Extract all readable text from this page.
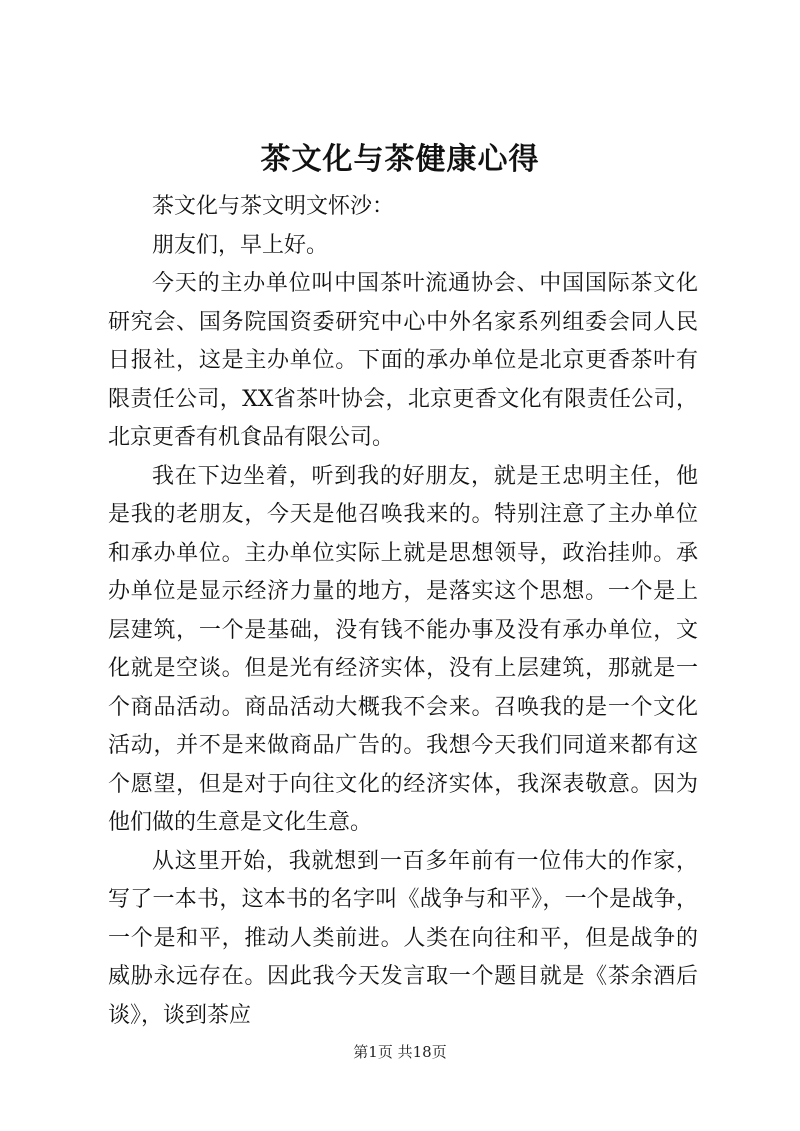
茶文化与茶健康心得

茶文化与茶文明文怀沙：

朋友们，早上好。

今天的主办单位叫中国茶叶流通协会、中国国际茶文化研究会、国务院国资委研究中心中外名家系列组委会同人民日报社，这是主办单位。下面的承办单位是北京更香茶叶有限责任公司，XX省茶叶协会，北京更香文化有限责任公司，北京更香有机食品有限公司。

我在下边坐着，听到我的好朋友，就是王忠明主任，他是我的老朋友，今天是他召唤我来的。特别注意了主办单位和承办单位。主办单位实际上就是思想领导，政治挂帅。承办单位是显示经济力量的地方，是落实这个思想。一个是上层建筑，一个是基础，没有钱不能办事及没有承办单位，文化就是空谈。但是光有经济实体，没有上层建筑，那就是一个商品活动。商品活动大概我不会来。召唤我的是一个文化活动，并不是来做商品广告的。我想今天我们同道来都有这个愿望，但是对于向往文化的经济实体，我深表敬意。因为他们做的生意是文化生意。

从这里开始，我就想到一百多年前有一位伟大的作家，写了一本书，这本书的名字叫《战争与和平》，一个是战争，一个是和平，推动人类前进。人类在向往和平，但是战争的威胁永远存在。因此我今天发言取一个题目就是《茶余酒后谈》，谈到茶应

第1页 共18页
